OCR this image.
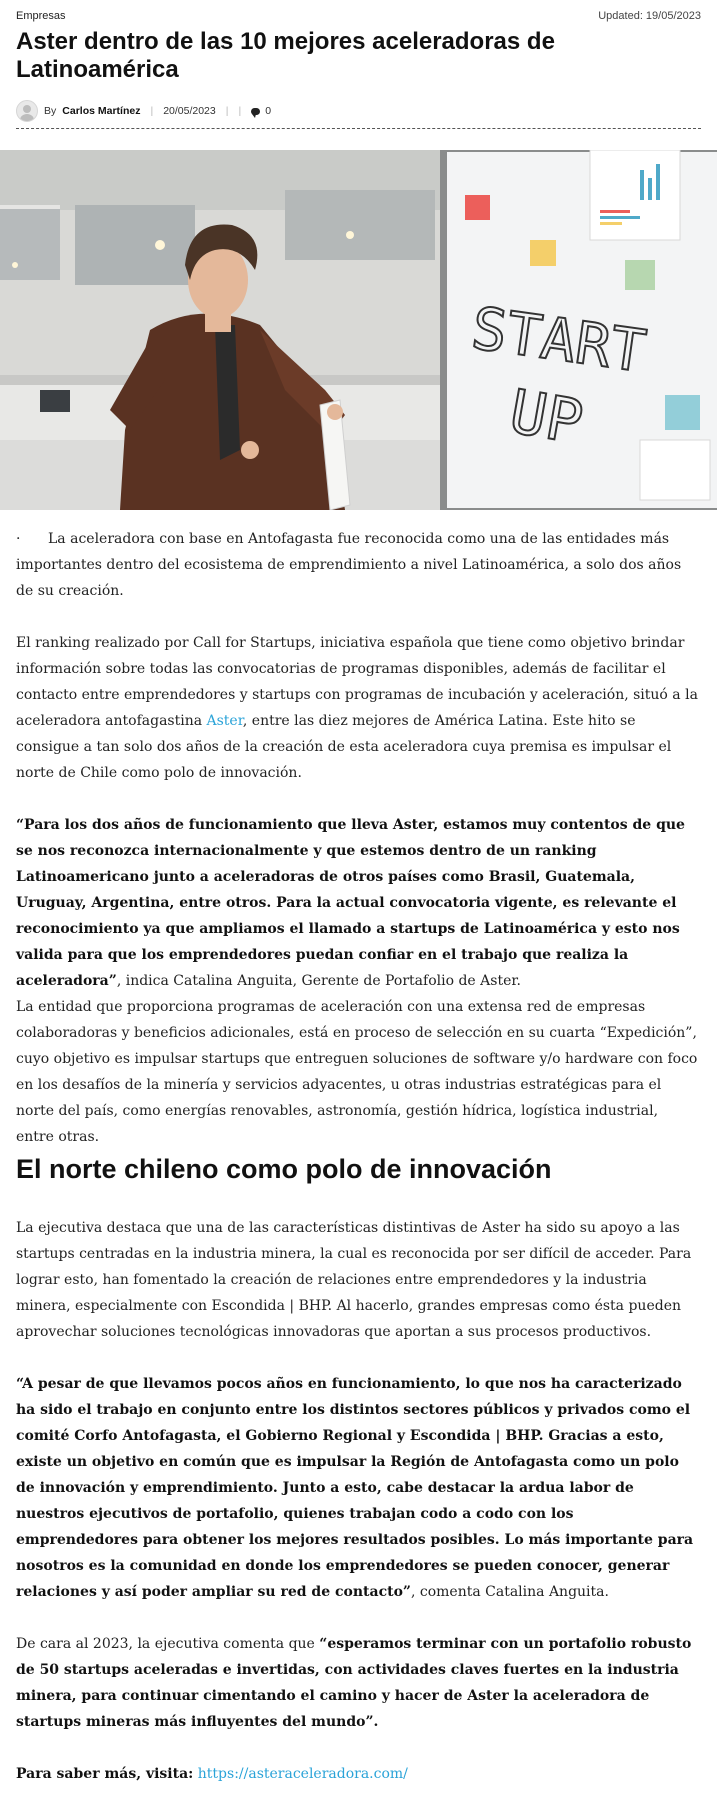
Empresas	Updated: 19/05/2023
Aster dentro de las 10 mejores aceleradoras de Latinoamérica
By Carlos Martínez | 20/05/2023 | | 0
START
UP

· La aceleradora con base en Antofagasta fue reconocida como una de las entidades más importantes dentro del ecosistema de emprendimiento a nivel Latinoamérica, a solo dos años de su creación.

El ranking realizado por Call for Startups, iniciativa española que tiene como objetivo brindar información sobre todas las convocatorias de programas disponibles, además de facilitar el contacto entre emprendedores y startups con programas de incubación y aceleración, situó a la aceleradora antofagastina Aster, entre las diez mejores de América Latina. Este hito se consigue a tan solo dos años de la creación de esta aceleradora cuya premisa es impulsar el norte de Chile como polo de innovación.

“Para los dos años de funcionamiento que lleva Aster, estamos muy contentos de que se nos reconozca internacionalmente y que estemos dentro de un ranking Latinoamericano junto a aceleradoras de otros países como Brasil, Guatemala, Uruguay, Argentina, entre otros. Para la actual convocatoria vigente, es relevante el reconocimiento ya que ampliamos el llamado a startups de Latinoamérica y esto nos valida para que los emprendedores puedan confiar en el trabajo que realiza la aceleradora”, indica Catalina Anguita, Gerente de Portafolio de Aster.

La entidad que proporciona programas de aceleración con una extensa red de empresas colaboradoras y beneficios adicionales, está en proceso de selección en su cuarta “Expedición”, cuyo objetivo es impulsar startups que entreguen soluciones de software y/o hardware con foco en los desafíos de la minería y servicios adyacentes, u otras industrias estratégicas para el norte del país, como energías renovables, astronomía, gestión hídrica, logística industrial, entre otras.

El norte chileno como polo de innovación

La ejecutiva destaca que una de las características distintivas de Aster ha sido su apoyo a las startups centradas en la industria minera, la cual es reconocida por ser difícil de acceder. Para lograr esto, han fomentado la creación de relaciones entre emprendedores y la industria minera, especialmente con Escondida | BHP. Al hacerlo, grandes empresas como ésta pueden aprovechar soluciones tecnológicas innovadoras que aportan a sus procesos productivos.

“A pesar de que llevamos pocos años en funcionamiento, lo que nos ha caracterizado ha sido el trabajo en conjunto entre los distintos sectores públicos y privados como el comité Corfo Antofagasta, el Gobierno Regional y Escondida | BHP. Gracias a esto, existe un objetivo en común que es impulsar la Región de Antofagasta como un polo de innovación y emprendimiento. Junto a esto, cabe destacar la ardua labor de nuestros ejecutivos de portafolio, quienes trabajan codo a codo con los emprendedores para obtener los mejores resultados posibles. Lo más importante para nosotros es la comunidad en donde los emprendedores se pueden conocer, generar relaciones y así poder ampliar su red de contacto”, comenta Catalina Anguita.

De cara al 2023, la ejecutiva comenta que “esperamos terminar con un portafolio robusto de 50 startups aceleradas e invertidas, con actividades claves fuertes en la industria minera, para continuar cimentando el camino y hacer de Aster la aceleradora de startups mineras más influyentes del mundo”.

Para saber más, visita: https://asteraceleradora.com/
